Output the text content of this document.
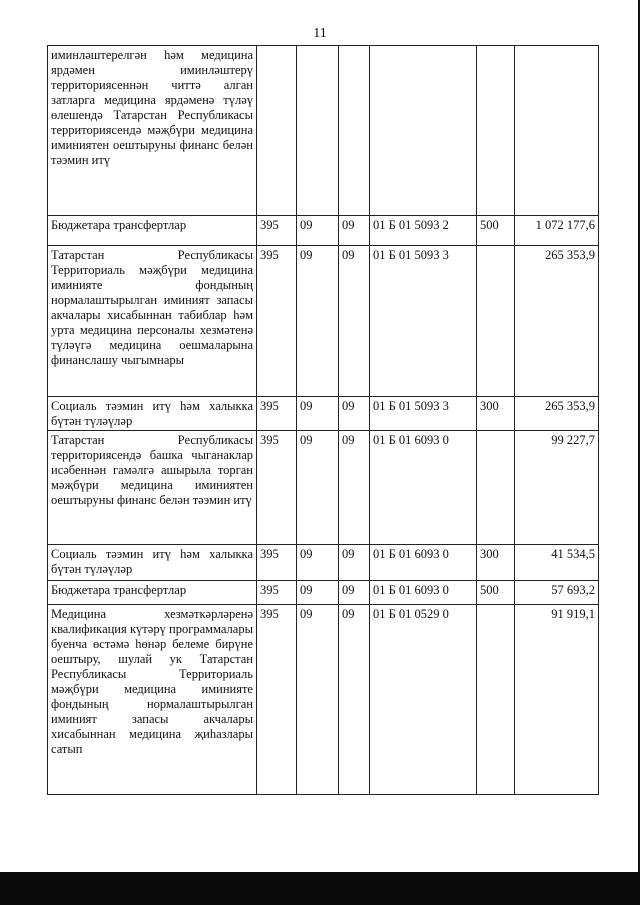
11
иминләштерелгән һәм медицина ярдәмен иминләштерү территориясеннән читтә алган затларга медицина ярдәменә түләү өлешендә Татарстан Республикасы территориясендә мәҗбүри медицина иминиятен оештыруны финанс белән тәэмин итү						
Бюджетара трансфертлар	395	09	09	01 Б 01 5093 2	500	1 072 177,6
Татарстан Республикасы Территориаль мәҗбүри медицина иминияте фондының нормалаштырылган иминият запасы акчалары хисабыннан табиблар һәм урта медицина персоналы хезмәтенә түләүгә медицина оешмаларына финанслашу чыгымнары	395	09	09	01 Б 01 5093 3		265 353,9
Социаль тәэмин итү һәм халыкка бүтән түләүләр	395	09	09	01 Б 01 5093 3	300	265 353,9
Татарстан Республикасы территориясендә башка чыганаклар исәбеннән гамәлгә ашырыла торган мәҗбүри медицина иминиятен оештыруны финанс белән тәэмин итү	395	09	09	01 Б 01 6093 0		99 227,7
Социаль тәэмин итү һәм халыкка бүтән түләүләр	395	09	09	01 Б 01 6093 0	300	41 534,5
Бюджетара трансфертлар	395	09	09	01 Б 01 6093 0	500	57 693,2
Медицина хезмәткәрләренә квалификация күтәрү программалары буенча өстәмә һөнәр белеме бирүне оештыру, шулай ук Татарстан Республикасы Территориаль мәҗбүри медицина иминияте фондының нормалаштырылган иминият запасы акчалары хисабыннан медицина җиһазлары сатып	395	09	09	01 Б 01 0529 0		91 919,1
